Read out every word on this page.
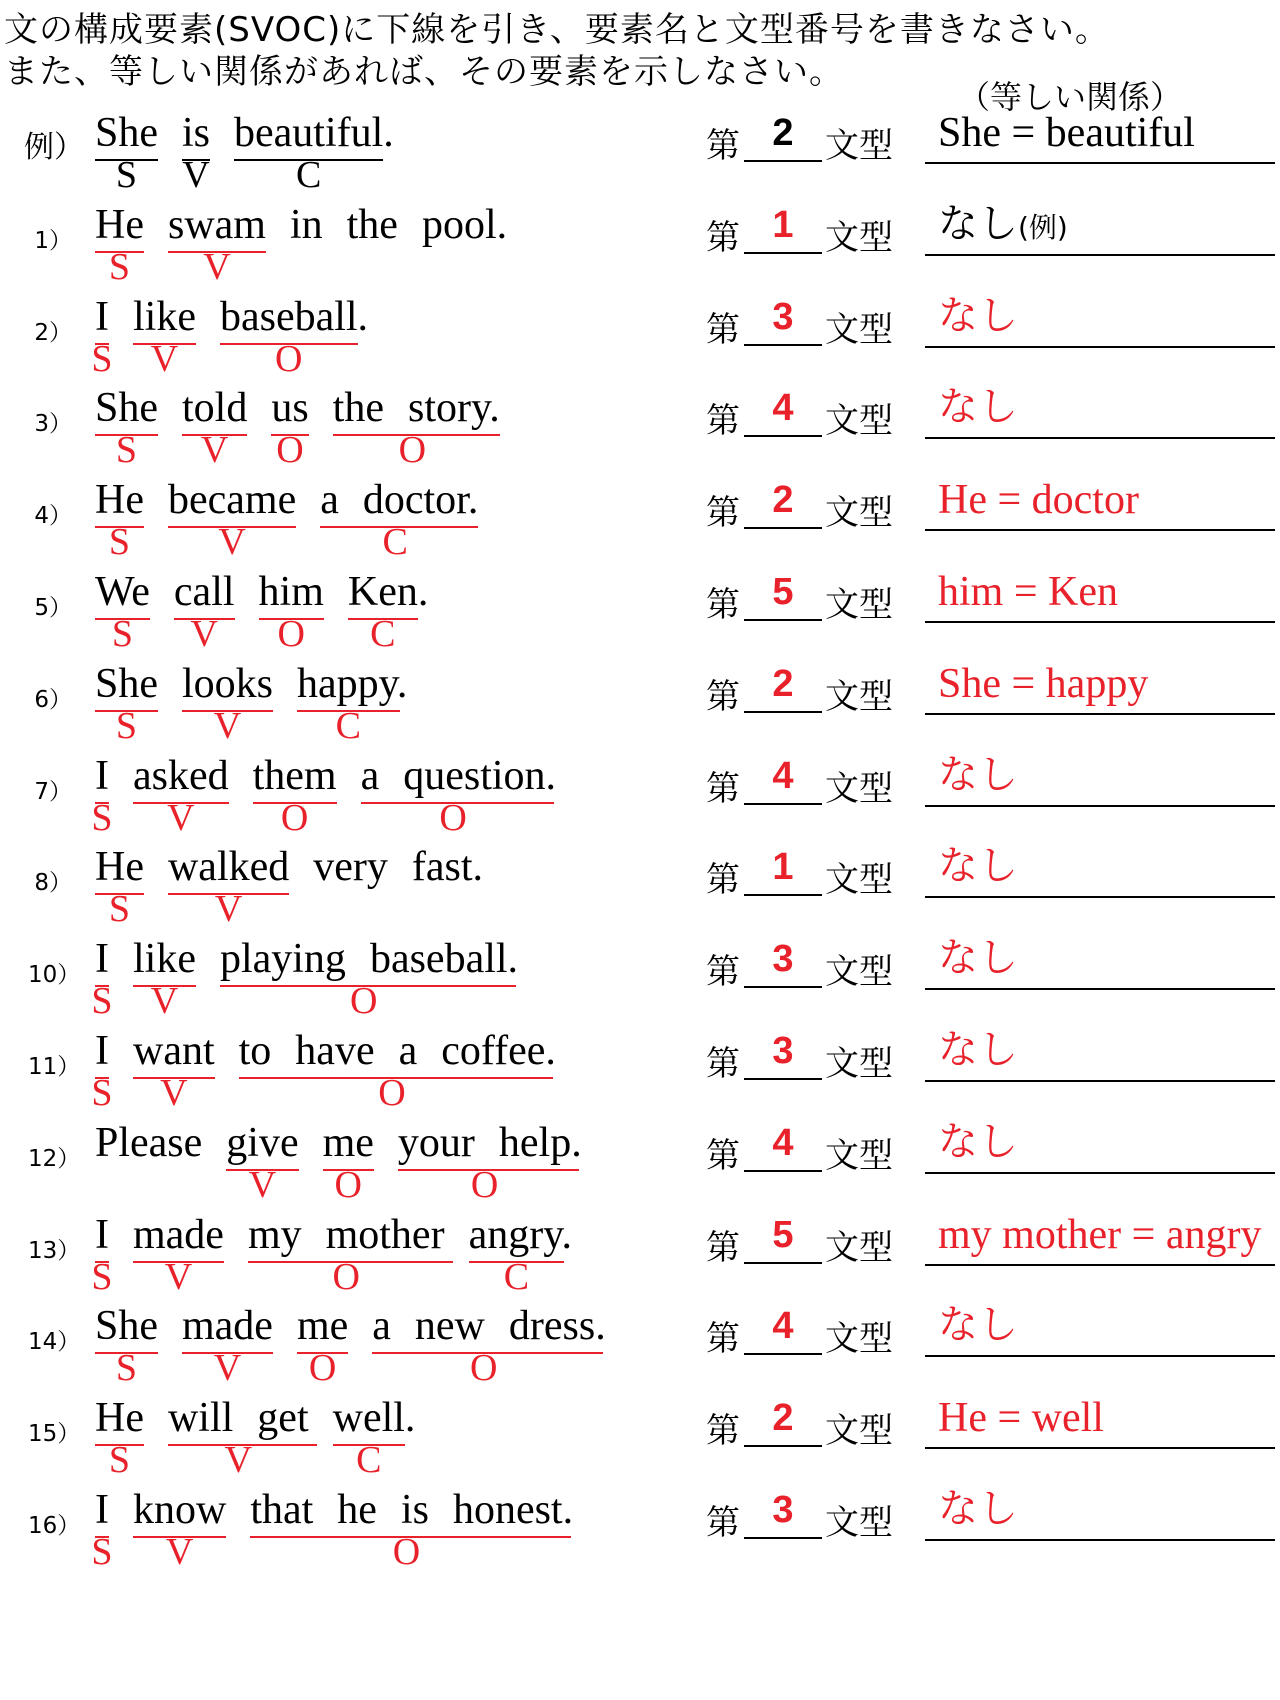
文の構成要素(SVOC)に下線を引き、要素名と文型番号を書きなさい。
また、等しい関係があれば、その要素を示しなさい。
（等しい関係）
例） She is beautiful.
S V C
第 2 文型 She = beautiful
1） He swam in the pool.
S V
第 1 文型 なし(例)
2） I like baseball.
S V	O
第 3 文型 なし
3） She told us the story.
S V O O
第 4 文型 なし
4） He became a doctor.
S V	C
第 2 文型 He = doctor
5） We call him Ken.
S V O C
第 5 文型 him = Ken
6） She looks happy.
S V C
第 2 文型 She = happy
7） I asked them a question.
S V O	O
第 4 文型 なし
8） He walked very fast.
S V
第 1 文型 なし
10） I like playing baseball.
S V	O
第 3 文型 なし
11） I want to have a coffee.
S V	O
第 3 文型 なし
12） Please give me your help.
V O	O
第 4 文型 なし
13） I made my mother angry.
S V	O	C
第 5 文型 my mother = angry
14） She made me a new dress.
S V O	O
第 4 文型 なし
15） He will get well.
S V	C
第 2 文型 He = well
16） I know that he is honest.
S V	O
第 3 文型 なし
